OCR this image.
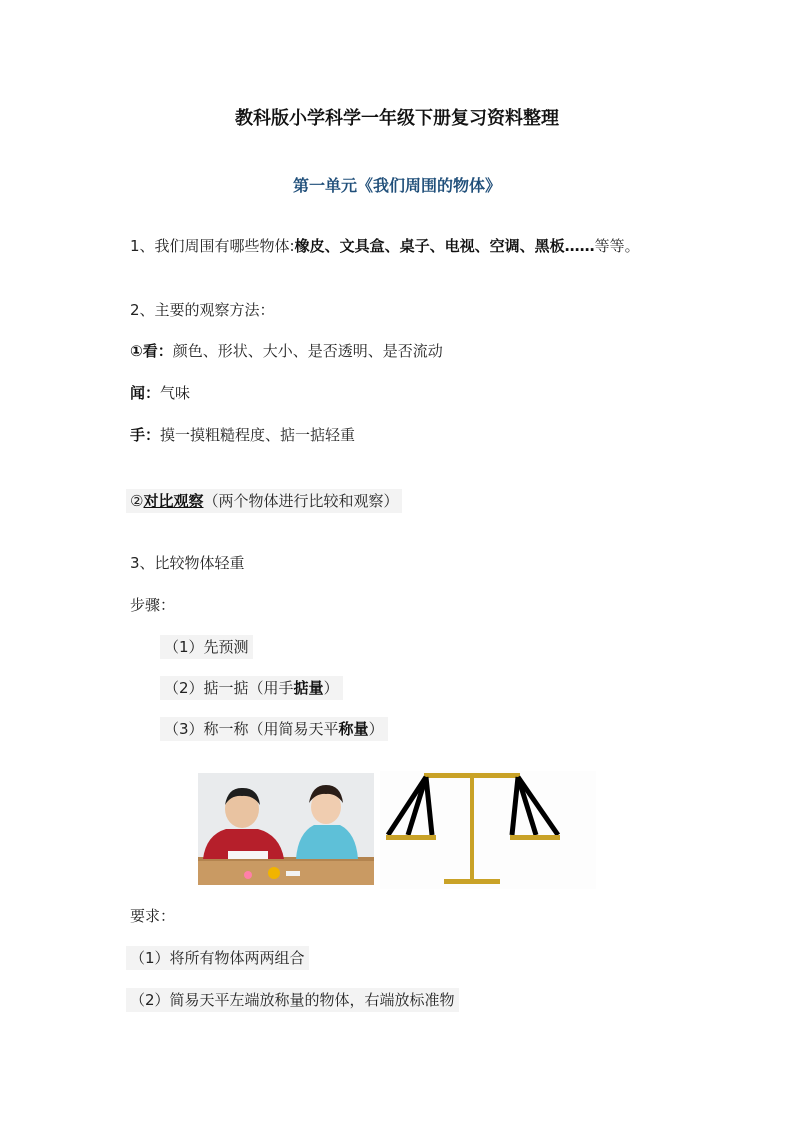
教科版小学科学一年级下册复习资料整理
第一单元《我们周围的物体》
1、我们周围有哪些物体:橡皮、文具盒、桌子、电视、空调、黑板……等等。
2、主要的观察方法：
①看：颜色、形状、大小、是否透明、是否流动
闻：气味
手：摸一摸粗糙程度、掂一掂轻重
②对比观察（两个物体进行比较和观察）
3、比较物体轻重
步骤：
（1）先预测
（2）掂一掂（用手掂量）
（3）称一称（用简易天平称量）
要求：
（1）将所有物体两两组合
（2）简易天平左端放称量的物体，右端放标准物
